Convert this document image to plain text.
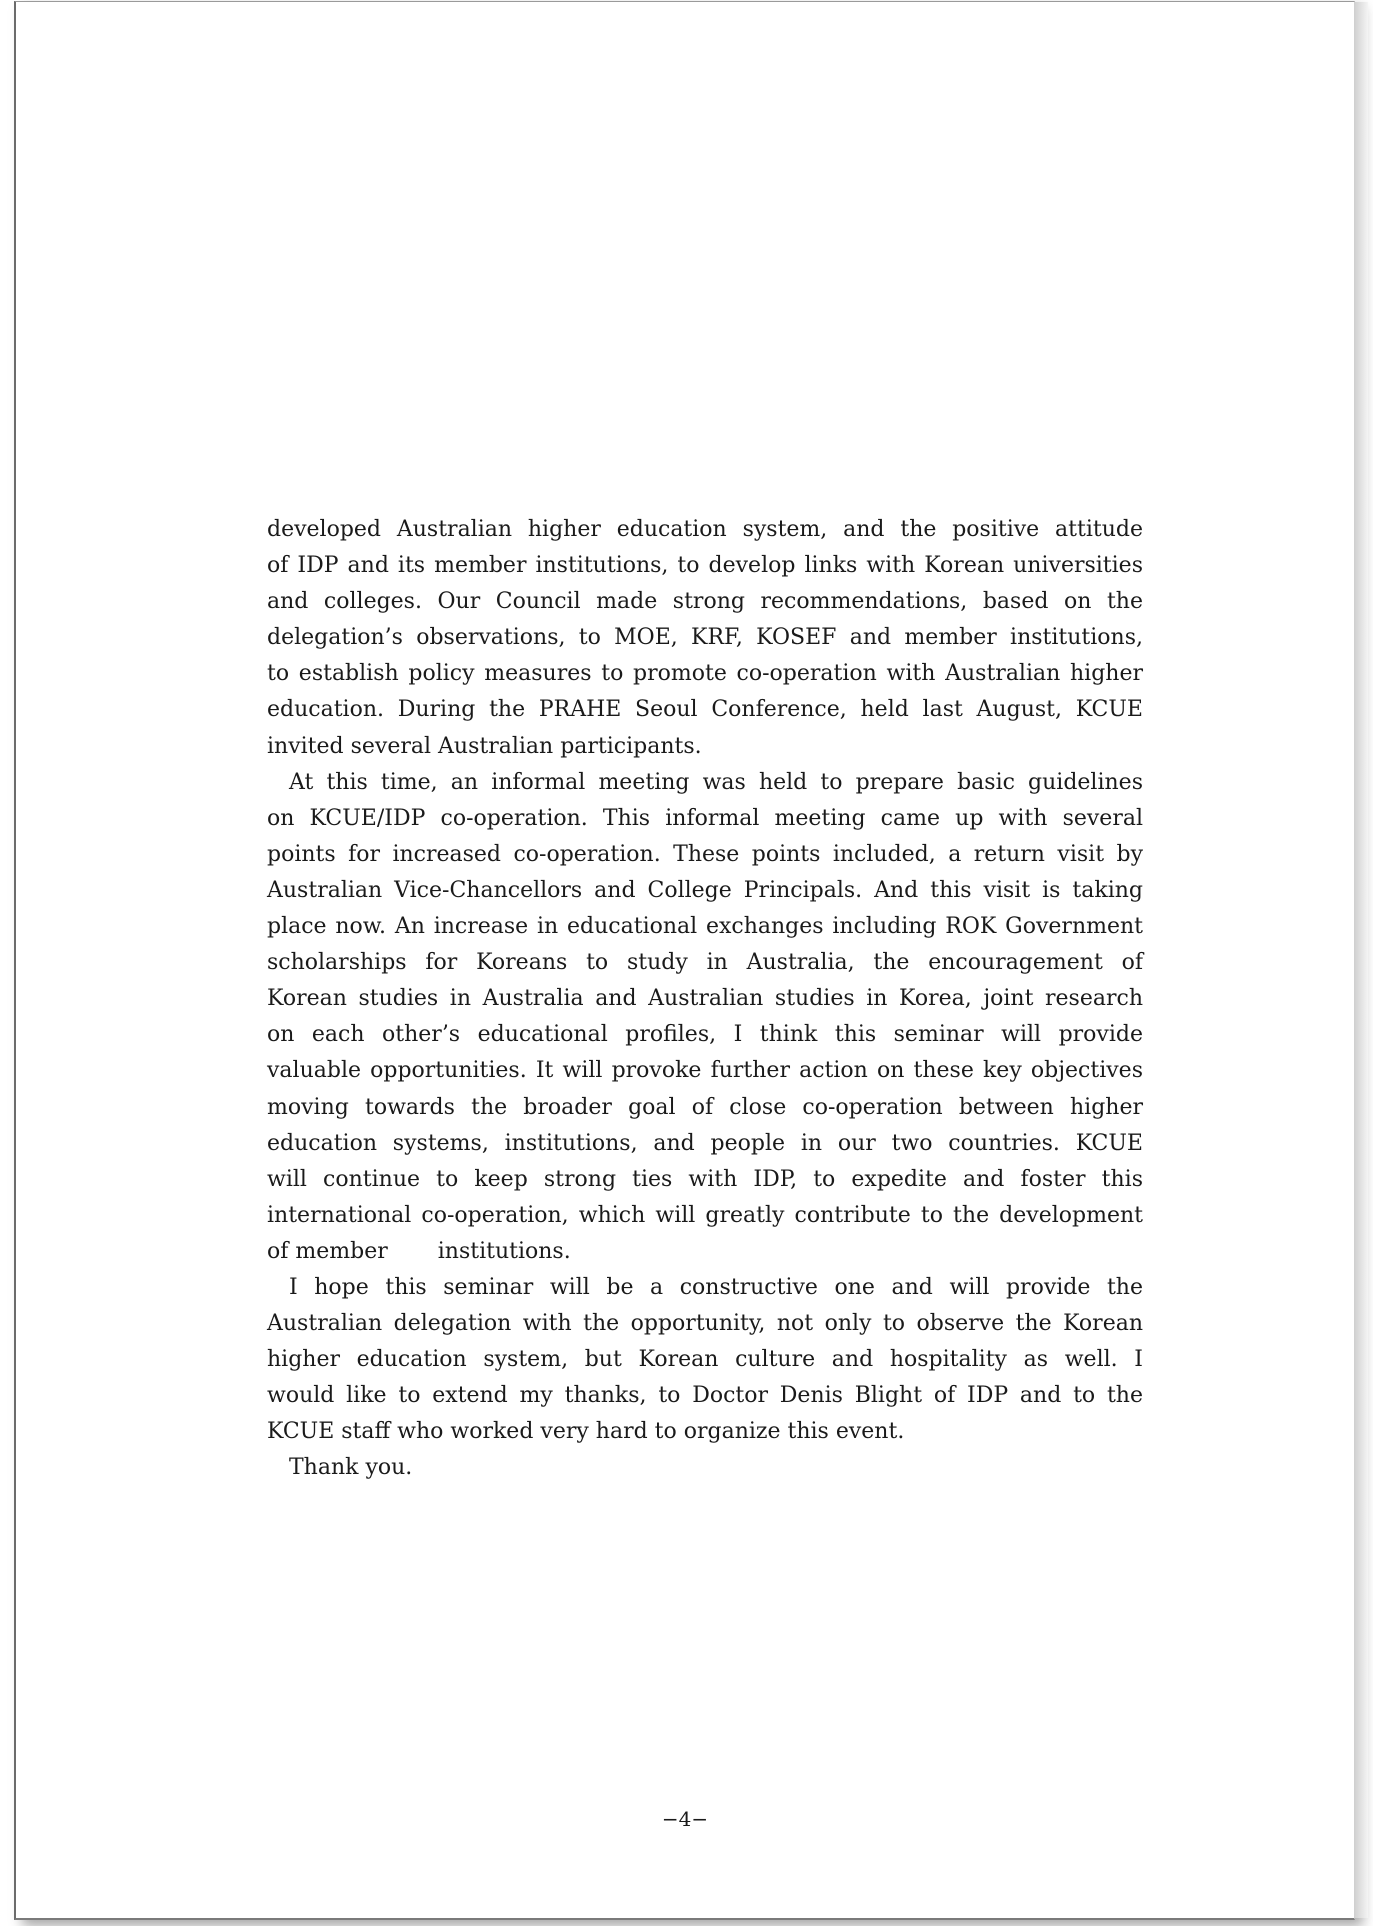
developed Australian higher education system, and the positive attitude
of IDP and its member institutions, to develop links with Korean universities
and colleges. Our Council made strong recommendations, based on the
delegation’s observations, to MOE, KRF, KOSEF and member institutions,
to establish policy measures to promote co-operation with Australian higher
education. During the PRAHE Seoul Conference, held last August, KCUE
invited several Australian participants.

At this time, an informal meeting was held to prepare basic guidelines
on KCUE/IDP co-operation. This informal meeting came up with several
points for increased co-operation. These points included, a return visit by
Australian Vice-Chancellors and College Principals. And this visit is taking
place now. An increase in educational exchanges including ROK Government
scholarships for Koreans to study in Australia, the encouragement of
Korean studies in Australia and Australian studies in Korea, joint research
on each other’s educational profiles, I think this seminar will provide
valuable opportunities. It will provoke further action on these key objectives
moving towards the broader goal of close co-operation between higher
education systems, institutions, and people in our two countries. KCUE
will continue to keep strong ties with IDP, to expedite and foster this
international co-operation, which will greatly contribute to the development
of member institutions.

I hope this seminar will be a constructive one and will provide the
Australian delegation with the opportunity, not only to observe the Korean
higher education system, but Korean culture and hospitality as well. I
would like to extend my thanks, to Doctor Denis Blight of IDP and to the
KCUE staff who worked very hard to organize this event.

Thank you.

−4−
